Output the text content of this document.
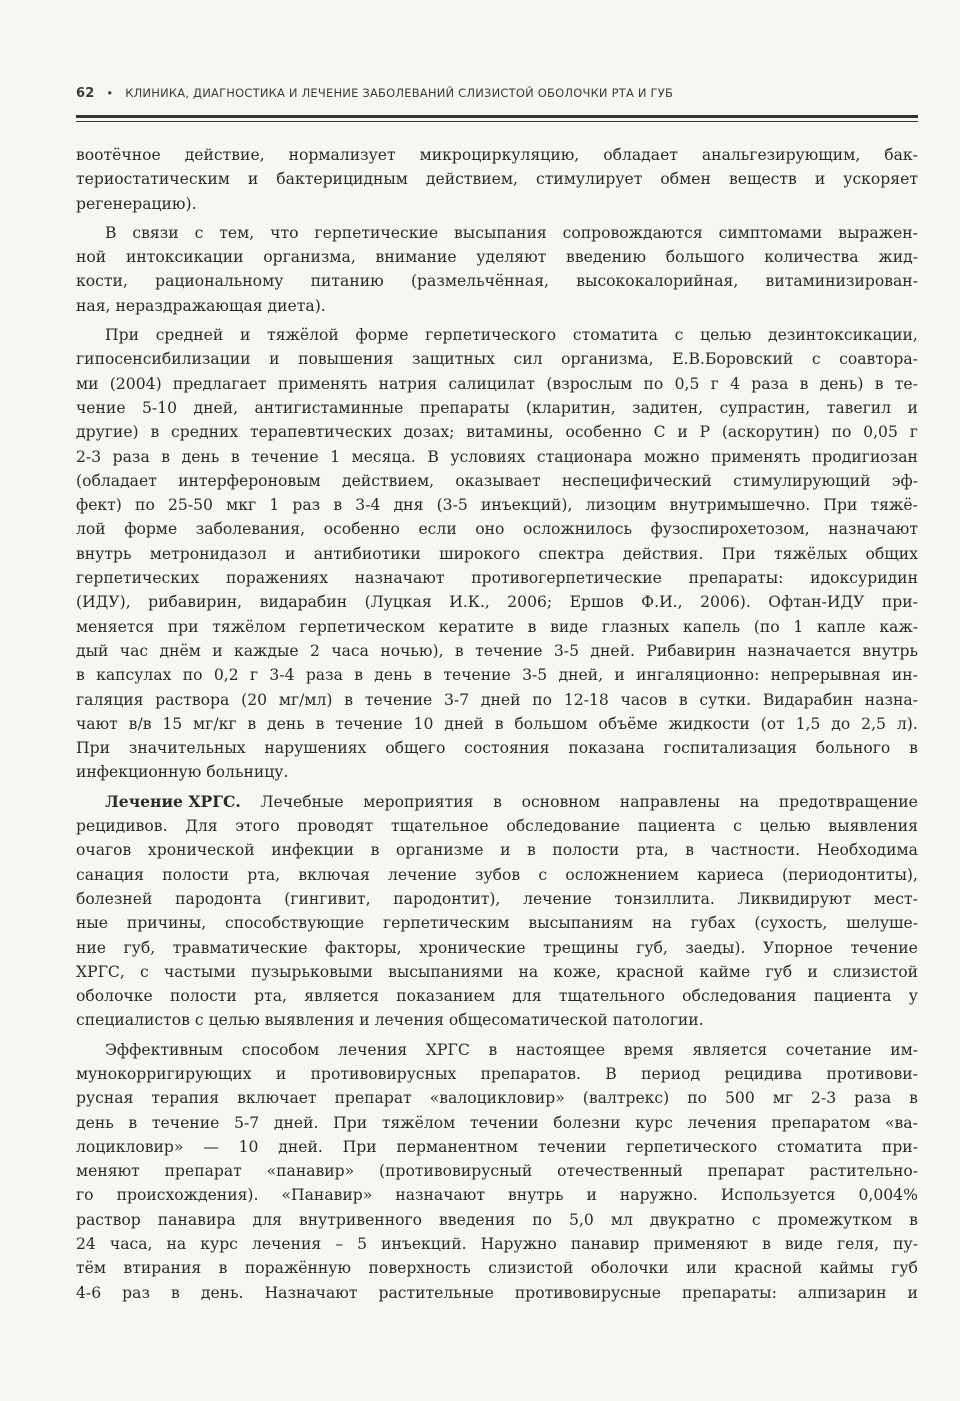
62 • КЛИНИКА, ДИАГНОСТИКА И ЛЕЧЕНИЕ ЗАБОЛЕВАНИЙ СЛИЗИСТОЙ ОБОЛОЧКИ РТА И ГУБ
воотёчное действие, нормализует микроциркуляцию, обладает анальгезирующим, бак-
териостатическим и бактерицидным действием, стимулирует обмен веществ и ускоряет
регенерацию).
В связи с тем, что герпетические высыпания сопровождаются симптомами выражен-
ной интоксикации организма, внимание уделяют введению большого количества жид-
кости, рациональному питанию (размельчённая, высококалорийная, витаминизирован-
ная, нераздражающая диета).
При средней и тяжёлой форме герпетического стоматита с целью дезинтоксикации,
гипосенсибилизации и повышения защитных сил организма, Е.В.Боровский с соавтора-
ми (2004) предлагает применять натрия салицилат (взрослым по 0,5 г 4 раза в день) в те-
чение 5-10 дней, антигистаминные препараты (кларитин, задитен, супрастин, тавегил и
другие) в средних терапевтических дозах; витамины, особенно С и Р (аскорутин) по 0,05 г
2-3 раза в день в течение 1 месяца. В условиях стационара можно применять продигиозан
(обладает интерфероновым действием, оказывает неспецифический стимулирующий эф-
фект) по 25-50 мкг 1 раз в 3-4 дня (3-5 инъекций), лизоцим внутримышечно. При тяжё-
лой форме заболевания, особенно если оно осложнилось фузоспирохетозом, назначают
внутрь метронидазол и антибиотики широкого спектра действия. При тяжёлых общих
герпетических поражениях назначают противогерпетические препараты: идоксуридин
(ИДУ), рибавирин, видарабин (Луцкая И.К., 2006; Ершов Ф.И., 2006). Офтан-ИДУ при-
меняется при тяжёлом герпетическом кератите в виде глазных капель (по 1 капле каж-
дый час днём и каждые 2 часа ночью), в течение 3-5 дней. Рибавирин назначается внутрь
в капсулах по 0,2 г 3-4 раза в день в течение 3-5 дней, и ингаляционно: непрерывная ин-
галяция раствора (20 мг/мл) в течение 3-7 дней по 12-18 часов в сутки. Видарабин назна-
чают в/в 15 мг/кг в день в течение 10 дней в большом объёме жидкости (от 1,5 до 2,5 л).
При значительных нарушениях общего состояния показана госпитализация больного в
инфекционную больницу.
Лечение ХРГС. Лечебные мероприятия в основном направлены на предотвращение
рецидивов. Для этого проводят тщательное обследование пациента с целью выявления
очагов хронической инфекции в организме и в полости рта, в частности. Необходима
санация полости рта, включая лечение зубов с осложнением кариеса (периодонтиты),
болезней пародонта (гингивит, пародонтит), лечение тонзиллита. Ликвидируют мест-
ные причины, способствующие герпетическим высыпаниям на губах (сухость, шелуше-
ние губ, травматические факторы, хронические трещины губ, заеды). Упорное течение
ХРГС, с частыми пузырьковыми высыпаниями на коже, красной кайме губ и слизистой
оболочке полости рта, является показанием для тщательного обследования пациента у
специалистов с целью выявления и лечения общесоматической патологии.
Эффективным способом лечения ХРГС в настоящее время является сочетание им-
мунокорригирующих и противовирусных препаратов. В период рецидива противови-
русная терапия включает препарат «валоцикловир» (валтрекс) по 500 мг 2-3 раза в
день в течение 5-7 дней. При тяжёлом течении болезни курс лечения препаратом «ва-
лоцикловир» — 10 дней. При перманентном течении герпетического стоматита при-
меняют препарат «панавир» (противовирусный отечественный препарат растительно-
го происхождения). «Панавир» назначают внутрь и наружно. Используется 0,004%
раствор панавира для внутривенного введения по 5,0 мл двукратно с промежутком в
24 часа, на курс лечения – 5 инъекций. Наружно панавир применяют в виде геля, пу-
тём втирания в поражённую поверхность слизистой оболочки или красной каймы губ
4-6 раз в день. Назначают растительные противовирусные препараты: алпизарин и
